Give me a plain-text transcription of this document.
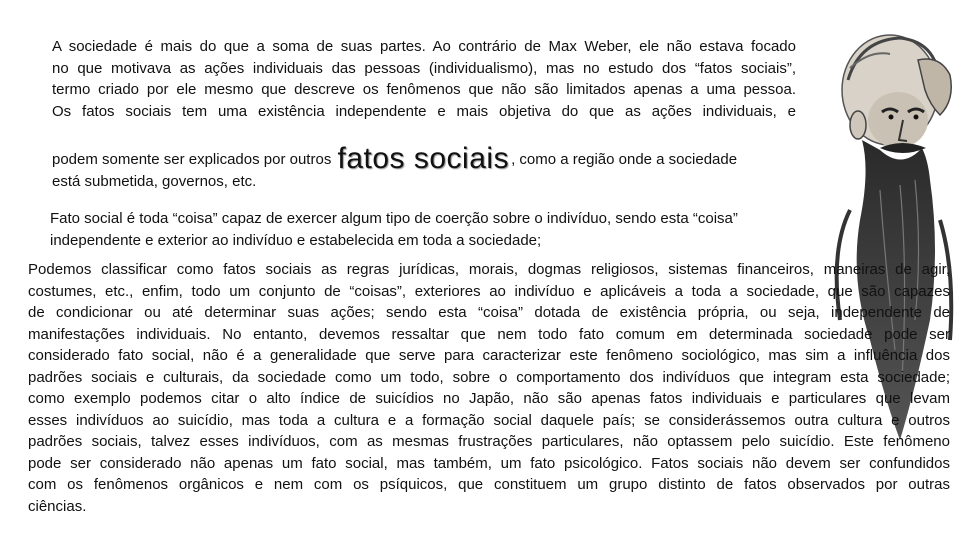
A sociedade é mais do que a soma de suas partes. Ao contrário de Max Weber, ele não estava focado
no que motivava as ações individuais das pessoas (individualismo), mas no estudo dos “fatos sociais”,
termo criado por ele mesmo que descreve os fenômenos que não são limitados apenas a uma pessoa.
Os fatos sociais tem uma existência independente e mais objetiva do que as ações individuais, e
podem somente ser explicados por outros fatos sociais , como a região onde a sociedade
está submetida, governos, etc.
Fato social é toda “coisa” capaz de exercer algum tipo de coerção sobre o indivíduo, sendo esta “coisa”
independente e exterior ao indivíduo e estabelecida em toda a sociedade;
Podemos classificar como fatos sociais as regras jurídicas, morais, dogmas religiosos, sistemas financeiros, maneiras de agir,
costumes, etc., enfim, todo um conjunto de “coisas”, exteriores ao indivíduo e aplicáveis a toda a sociedade, que são capazes
de condicionar ou até determinar suas ações; sendo esta “coisa” dotada de existência própria, ou seja, independente de
manifestações individuais. No entanto, devemos ressaltar que nem todo fato comum em determinada sociedade pode ser
considerado fato social, não é a generalidade que serve para caracterizar este fenômeno sociológico, mas sim a influência dos
padrões sociais e culturais, da sociedade como um todo, sobre o comportamento dos indivíduos que integram esta sociedade;
como exemplo podemos citar o alto índice de suicídios no Japão, não são apenas fatos individuais e particulares que levam
esses indivíduos ao suicídio, mas toda a cultura e a formação social daquele país; se considerássemos outra cultura e outros
padrões sociais, talvez esses indivíduos, com as mesmas frustrações particulares, não optassem pelo suicídio. Este fenômeno
pode ser considerado não apenas um fato social, mas também, um fato psicológico. Fatos sociais não devem ser confundidos
com os fenômenos orgânicos e nem com os psíquicos, que constituem um grupo distinto de fatos observados por outras
ciências.
